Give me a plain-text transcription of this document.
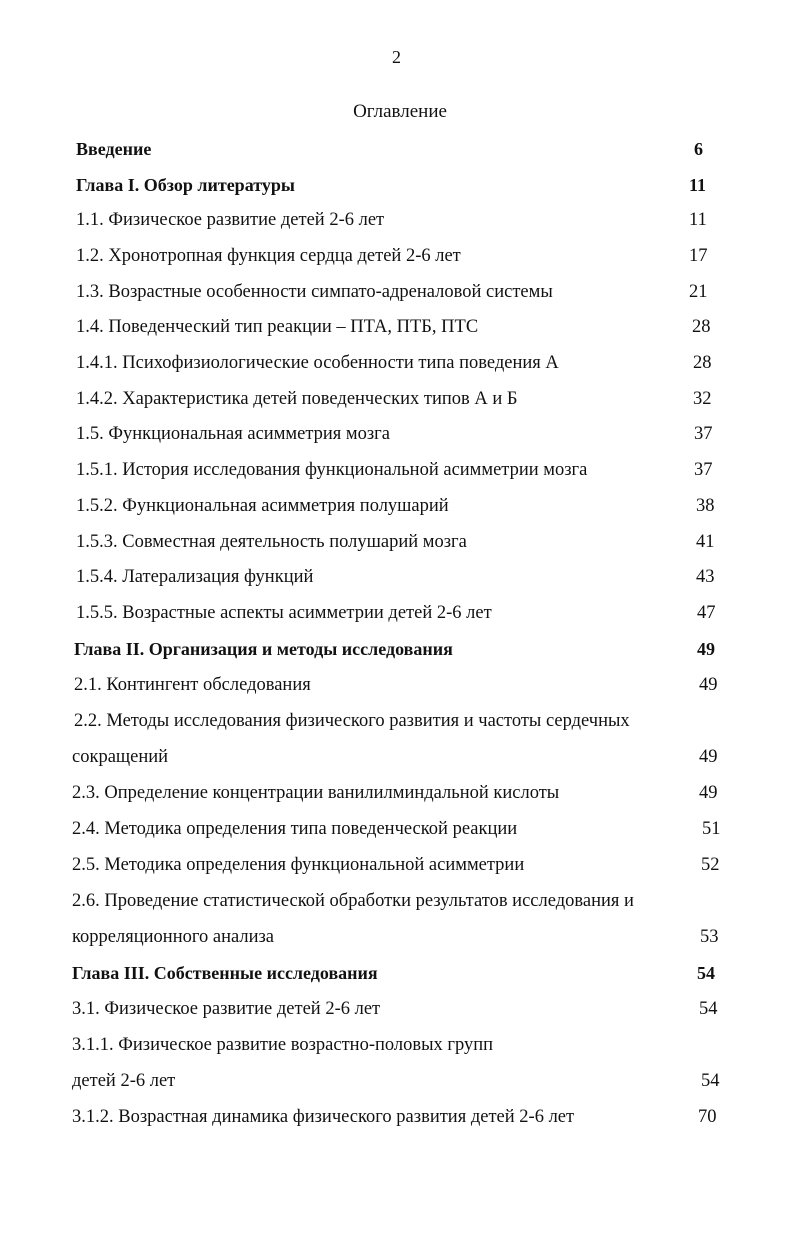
2
Оглавление
Введение	6
Глава I. Обзор литературы	11
1.1. Физическое развитие детей 2-6 лет	11
1.2. Хронотропная функция сердца детей 2-6 лет	17
1.3. Возрастные особенности симпато-адреналовой системы	21
1.4. Поведенческий тип реакции – ПТА, ПТБ, ПТС	28
1.4.1. Психофизиологические особенности типа поведения А	28
1.4.2. Характеристика детей поведенческих типов А и Б	32
1.5. Функциональная асимметрия мозга	37
1.5.1. История исследования функциональной асимметрии мозга	37
1.5.2. Функциональная асимметрия полушарий	38
1.5.3. Совместная деятельность полушарий мозга	41
1.5.4. Латерализация функций	43
1.5.5. Возрастные аспекты асимметрии детей 2-6 лет	47
Глава II. Организация и методы исследования	49
2.1. Контингент обследования	49
2.2. Методы исследования физического развития и частоты сердечных
сокращений	49
2.3. Определение концентрации ванилилминдальной кислоты	49
2.4. Методика определения типа поведенческой реакции	51
2.5. Методика определения функциональной асимметрии	52
2.6. Проведение статистической обработки результатов исследования и
корреляционного анализа	53
Глава III. Собственные исследования	54
3.1. Физическое развитие детей 2-6 лет	54
3.1.1. Физическое развитие возрастно-половых групп
детей 2-6 лет	54
3.1.2. Возрастная динамика физического развития детей 2-6 лет	70
